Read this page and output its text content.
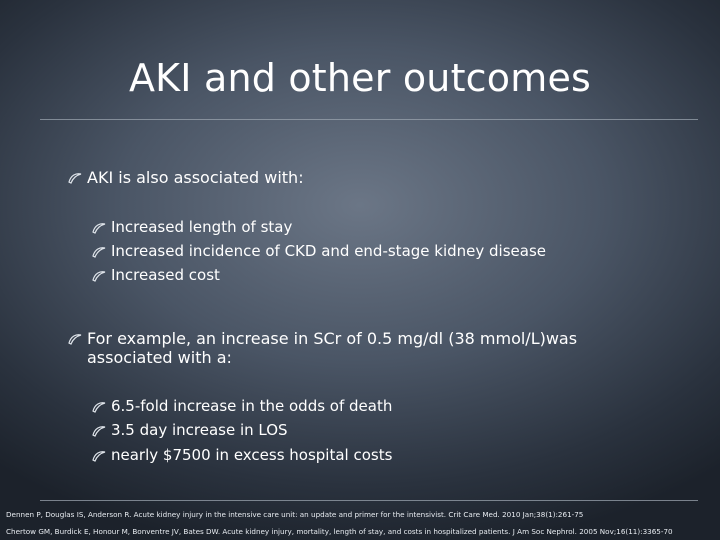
AKI and other outcomes
AKI is also associated with:
Increased length of stay
Increased incidence of CKD and end-stage kidney disease
Increased cost
For example, an increase in SCr of 0.5 mg/dl (38 mmol/L)was associated with a:
6.5-fold increase in the odds of death
3.5 day increase in LOS
nearly $7500 in excess hospital costs
Dennen P, Douglas IS, Anderson R. Acute kidney injury in the intensive care unit: an update and primer for the intensivist. Crit Care Med. 2010 Jan;38(1):261-75
Chertow GM, Burdick E, Honour M, Bonventre JV, Bates DW. Acute kidney injury, mortality, length of stay, and costs in hospitalized patients. J Am Soc Nephrol. 2005 Nov;16(11):3365-70
